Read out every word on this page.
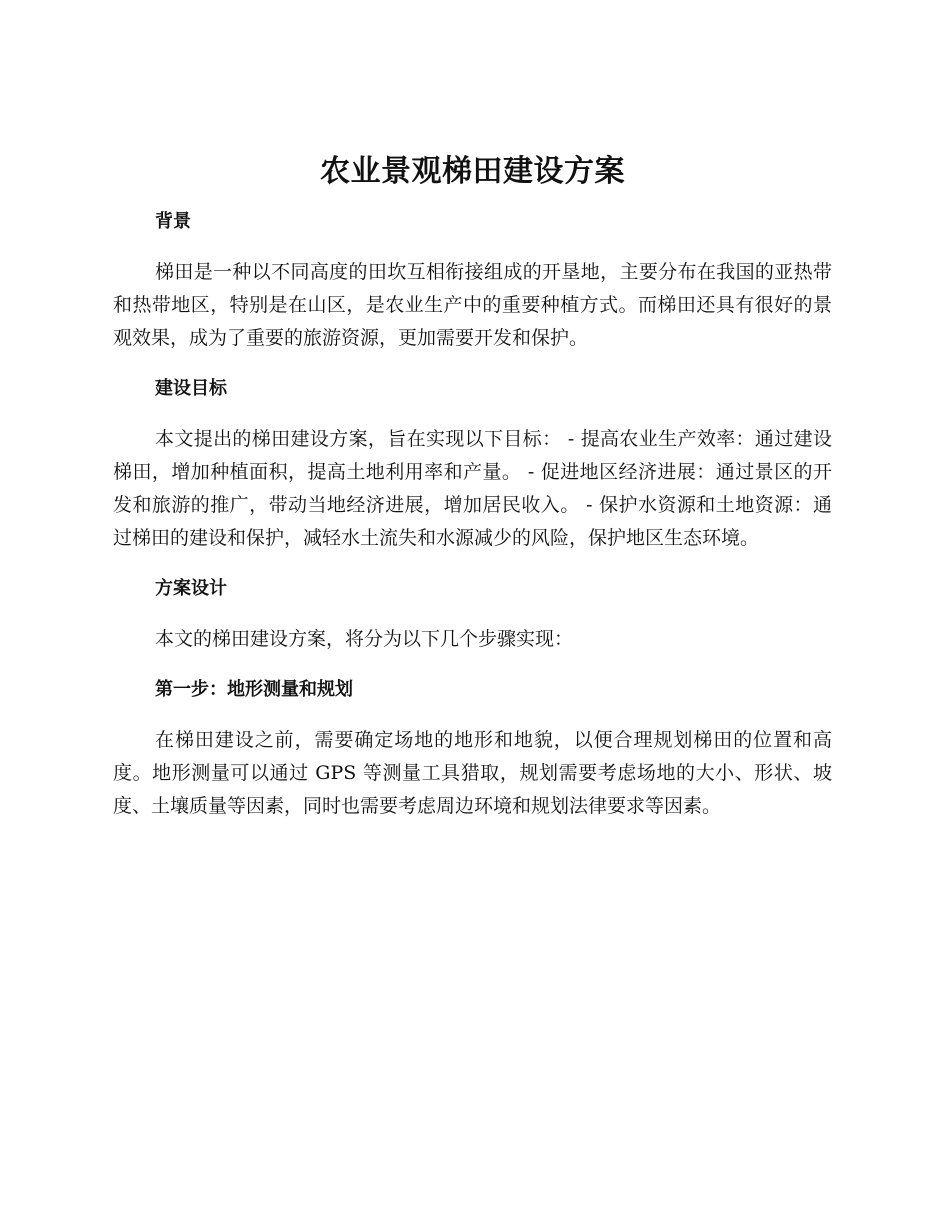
农业景观梯田建设方案
背景

梯田是一种以不同高度的田坎互相衔接组成的开垦地，主要分布在我国的亚热带和热带地区，特别是在山区，是农业生产中的重要种植方式。而梯田还具有很好的景观效果，成为了重要的旅游资源，更加需要开发和保护。

建设目标

本文提出的梯田建设方案，旨在实现以下目标： - 提高农业生产效率：通过建设梯田，增加种植面积，提高土地利用率和产量。 - 促进地区经济进展：通过景区的开发和旅游的推广，带动当地经济进展，增加居民收入。 - 保护水资源和土地资源：通过梯田的建设和保护，减轻水土流失和水源减少的风险，保护地区生态环境。

方案设计

本文的梯田建设方案，将分为以下几个步骤实现：

第一步：地形测量和规划

在梯田建设之前，需要确定场地的地形和地貌，以便合理规划梯田的位置和高度。地形测量可以通过 GPS 等测量工具猎取，规划需要考虑场地的大小、形状、坡度、土壤质量等因素，同时也需要考虑周边环境和规划法律要求等因素。
